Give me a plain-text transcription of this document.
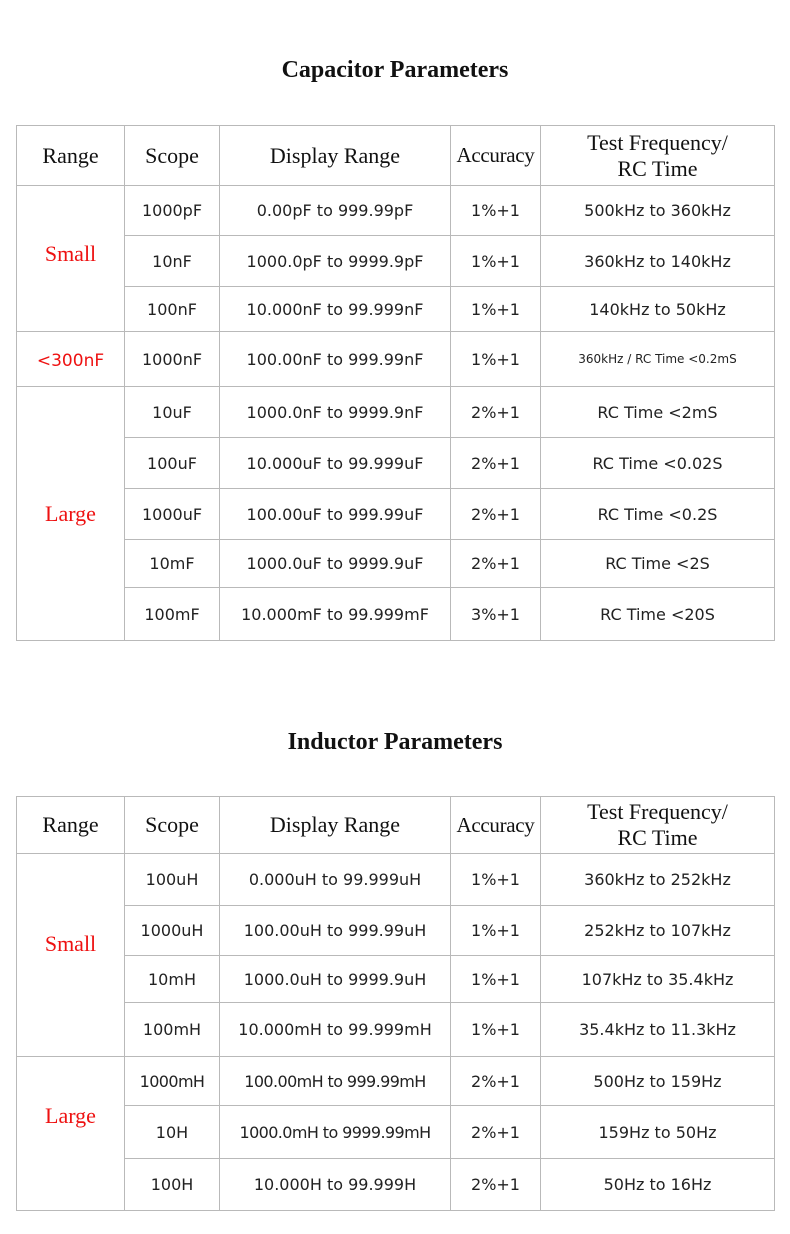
Capacitor Parameters
Range	Scope	Display Range	Accuracy	Test Frequency/
RC Time
Small	1000pF	0.00pF to 999.99pF	1%+1	500kHz to 360kHz
	10nF	1000.0pF to 9999.9pF	1%+1	360kHz to 140kHz
	100nF	10.000nF to 99.999nF	1%+1	140kHz to 50kHz

<300nF	1000nF	100.00nF to 999.99nF	1%+1	360kHz / RC Time <0.2mS
Large	10uF	1000.0nF to 9999.9nF	2%+1	RC Time <2mS
	100uF	10.000uF to 99.999uF	2%+1	RC Time <0.02S
	1000uF	100.00uF to 999.99uF	2%+1	RC Time <0.2S
	10mF	1000.0uF to 9999.9uF	2%+1	RC Time <2S
	100mF	10.000mF to 99.999mF	3%+1	RC Time <20S
Inductor Parameters
Range	Scope	Display Range	Accuracy	Test Frequency/
RC Time
Small	100uH	0.000uH to 99.999uH	1%+1	360kHz to 252kHz
	1000uH	100.00uH to 999.99uH	1%+1	252kHz to 107kHz
	10mH	1000.0uH to 9999.9uH	1%+1	107kHz to 35.4kHz
	100mH	10.000mH to 99.999mH	1%+1	35.4kHz to 11.3kHz
Large	1000mH	100.00mH to 999.99mH	2%+1	500Hz to 159Hz
	10H	1000.0mH to 9999.99mH	2%+1	159Hz to 50Hz
	100H	10.000H to 99.999H	2%+1	50Hz to 16Hz
